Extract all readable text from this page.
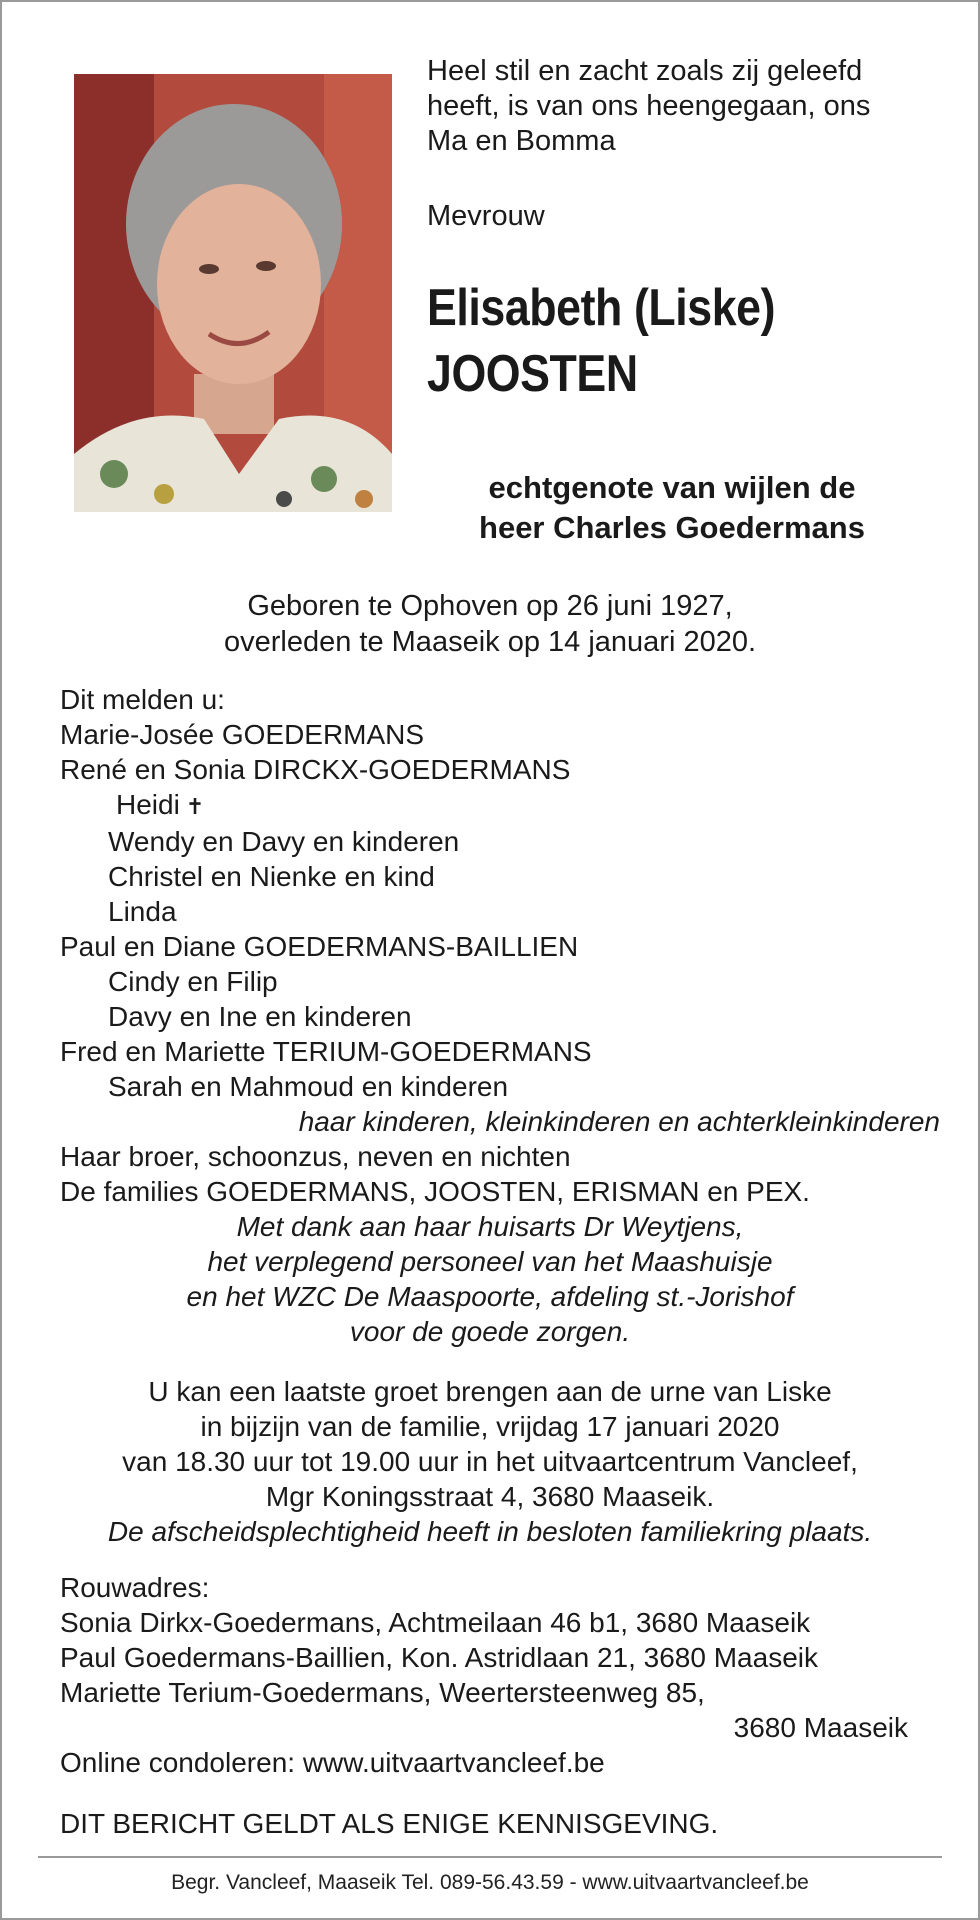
Heel stil en zacht zoals zij geleefd
heeft, is van ons heengegaan, ons
Ma en Bomma
Mevrouw
Elisabeth (Liske)
JOOSTEN
echtgenote van wijlen de
heer Charles Goedermans
Geboren te Ophoven op 26 juni 1927,
overleden te Maaseik op 14 januari 2020.
Dit melden u:
Marie-Josée GOEDERMANS
René en Sonia DIRCKX-GOEDERMANS
Heidi ✝
Wendy en Davy en kinderen
Christel en Nienke en kind
Linda
Paul en Diane GOEDERMANS-BAILLIEN
Cindy en Filip
Davy en Ine en kinderen
Fred en Mariette TERIUM-GOEDERMANS
Sarah en Mahmoud en kinderen
haar kinderen, kleinkinderen en achterkleinkinderen
Haar broer, schoonzus, neven en nichten
De families GOEDERMANS, JOOSTEN, ERISMAN en PEX.
Met dank aan haar huisarts Dr Weytjens,
het verplegend personeel van het Maashuisje
en het WZC De Maaspoorte, afdeling st.-Jorishof
voor de goede zorgen.
U kan een laatste groet brengen aan de urne van Liske
in bijzijn van de familie, vrijdag 17 januari 2020
van 18.30 uur tot 19.00 uur in het uitvaartcentrum Vancleef,
Mgr Koningsstraat 4, 3680 Maaseik.
De afscheidsplechtigheid heeft in besloten familiekring plaats.
Rouwadres:
Sonia Dirkx-Goedermans, Achtmeilaan 46 b1, 3680 Maaseik
Paul Goedermans-Baillien, Kon. Astridlaan 21, 3680 Maaseik
Mariette Terium-Goedermans, Weertersteenweg 85,
3680 Maaseik
Online condoleren: www.uitvaartvancleef.be
DIT BERICHT GELDT ALS ENIGE KENNISGEVING.
Begr. Vancleef, Maaseik Tel. 089-56.43.59 - www.uitvaartvancleef.be
